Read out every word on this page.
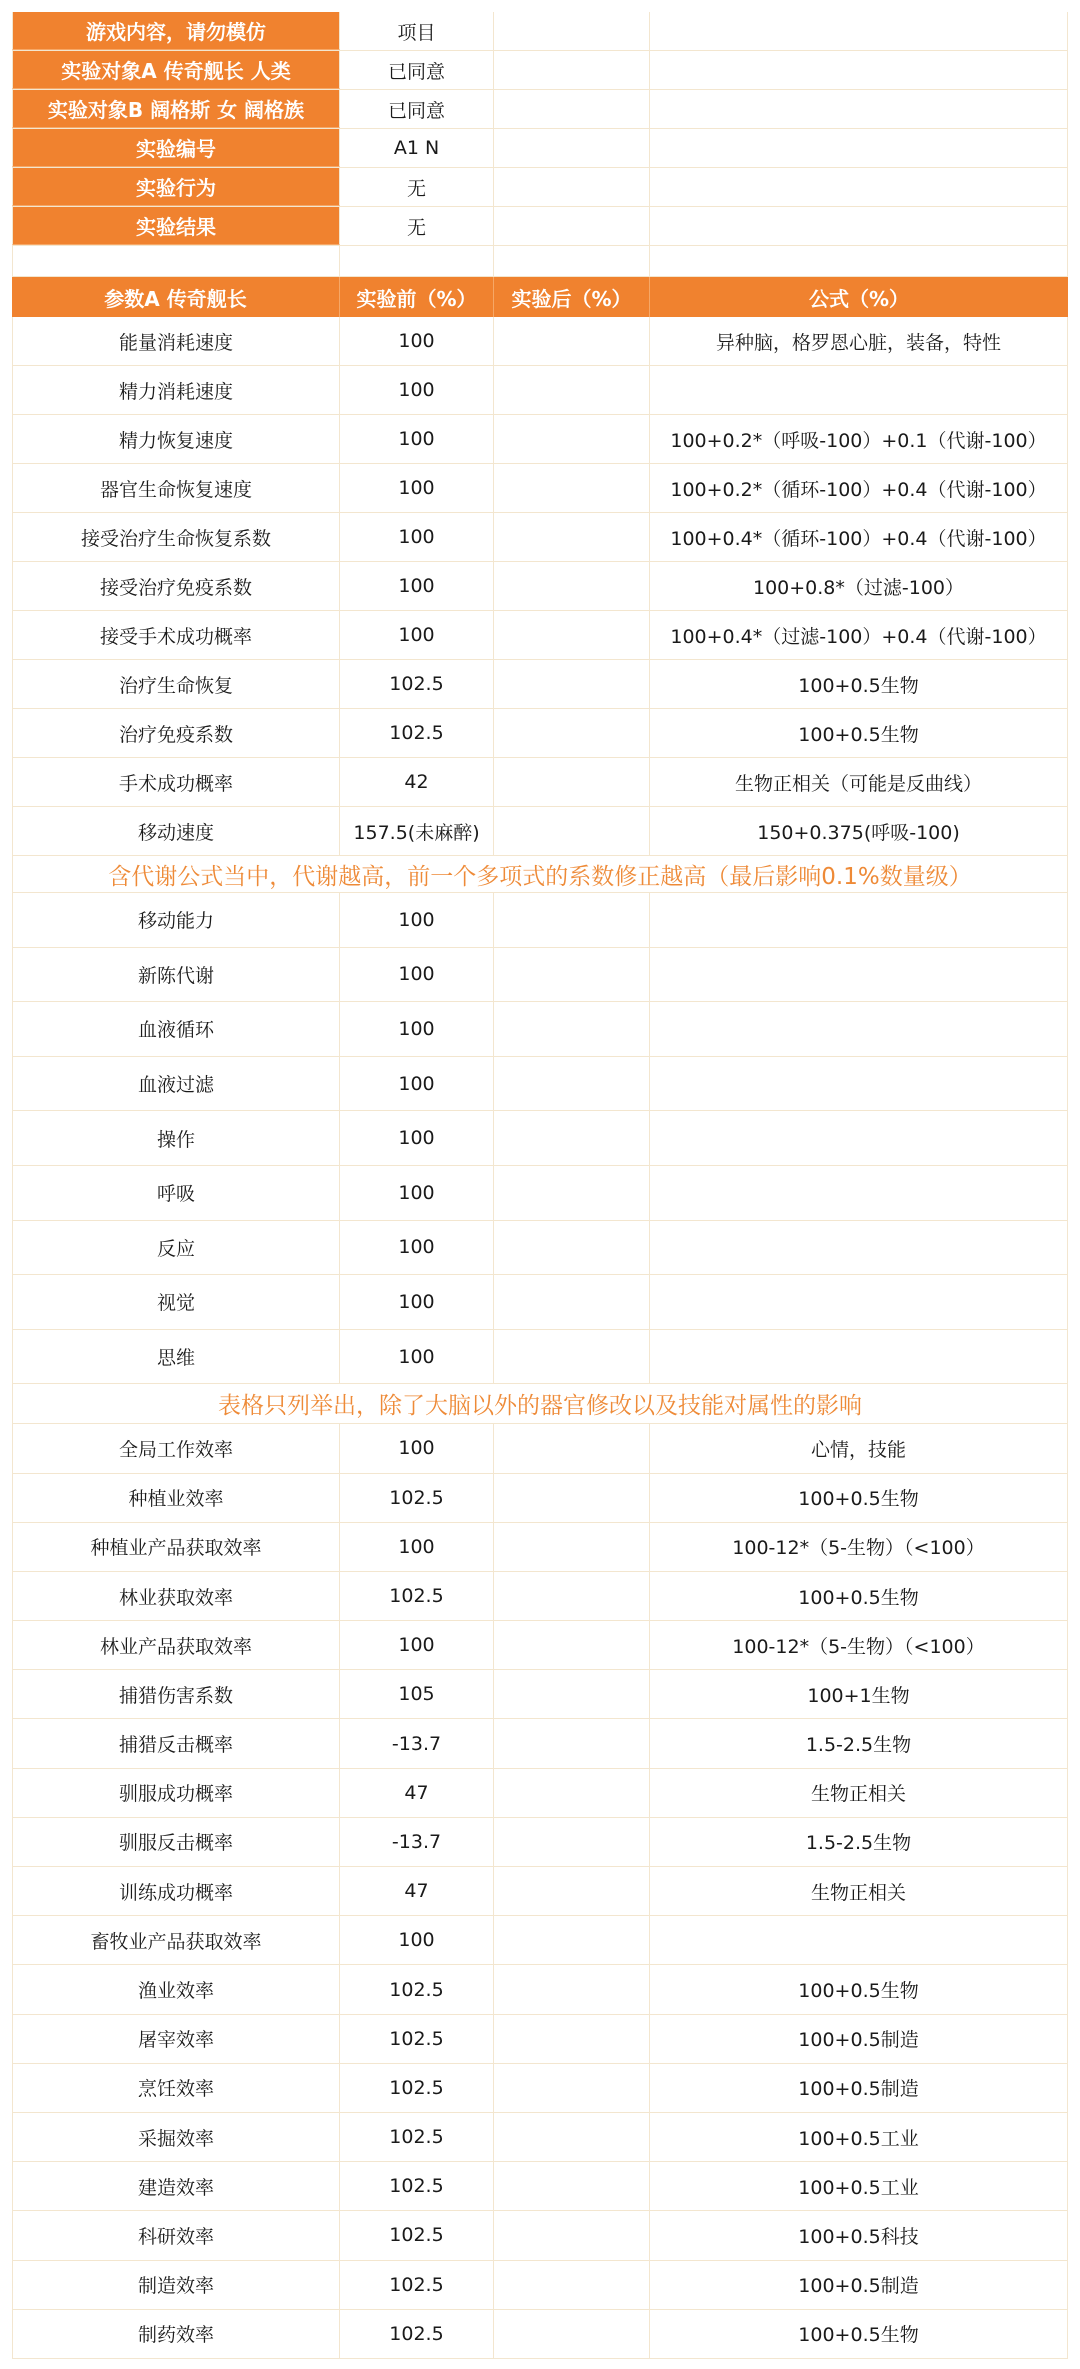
游戏内容，请勿模仿	项目
实验对象A 传奇舰长 人类	已同意
实验对象B 阔格斯 女 阔格族	已同意
实验编号	A1 N
实验行为	无
实验结果	无
参数A 传奇舰长	实验前（%）	实验后（%）	公式（%）
能量消耗速度	100	异种脑，格罗恩心脏，装备，特性
精力消耗速度	100
精力恢复速度	100	100+0.2*（呼吸-100）+0.1（代谢-100）
器官生命恢复速度	100	100+0.2*（循环-100）+0.4（代谢-100）
接受治疗生命恢复系数	100	100+0.4*（循环-100）+0.4（代谢-100）
接受治疗免疫系数	100	100+0.8*（过滤-100）
接受手术成功概率	100	100+0.4*（过滤-100）+0.4（代谢-100）
治疗生命恢复	102.5	100+0.5生物
治疗免疫系数	102.5	100+0.5生物
手术成功概率	42	生物正相关（可能是反曲线）
移动速度	157.5(未麻醉)	150+0.375(呼吸-100)
含代谢公式当中，代谢越高，前一个多项式的系数修正越高（最后影响0.1%数量级）
移动能力	100
新陈代谢	100
血液循环	100
血液过滤	100
操作	100
呼吸	100
反应	100
视觉	100
思维	100
表格只列举出，除了大脑以外的器官修改以及技能对属性的影响
全局工作效率	100	心情，技能
种植业效率	102.5	100+0.5生物
种植业产品获取效率	100	100-12*（5-生物）（<100）
林业获取效率	102.5	100+0.5生物
林业产品获取效率	100	100-12*（5-生物）（<100）
捕猎伤害系数	105	100+1生物
捕猎反击概率	-13.7	1.5-2.5生物
驯服成功概率	47	生物正相关
驯服反击概率	-13.7	1.5-2.5生物
训练成功概率	47	生物正相关
畜牧业产品获取效率	100
渔业效率	102.5	100+0.5生物
屠宰效率	102.5	100+0.5制造
烹饪效率	102.5	100+0.5制造
采掘效率	102.5	100+0.5工业
建造效率	102.5	100+0.5工业
科研效率	102.5	100+0.5科技
制造效率	102.5	100+0.5制造
制药效率	102.5	100+0.5生物
